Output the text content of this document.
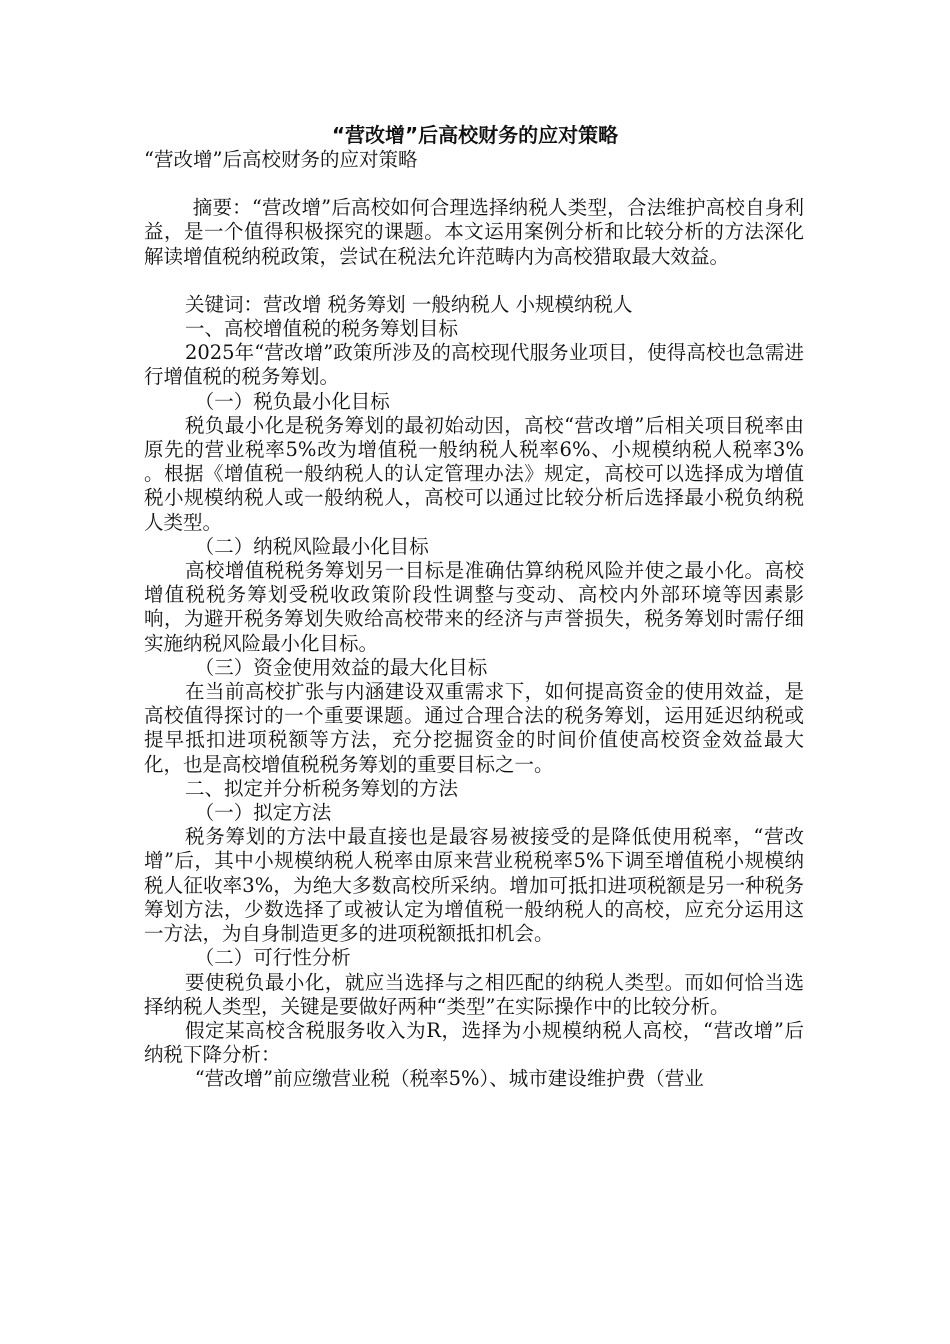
“营改增”后高校财务的应对策略

“营改增”后高校财务的应对策略

摘要：“营改增”后高校如何合理选择纳税人类型，合法维护高校自身利益，是一个值得积极探究的课题。本文运用案例分析和比较分析的方法深化解读增值税纳税政策，尝试在税法允许范畴内为高校猎取最大效益。

关键词：营改增 税务筹划 一般纳税人 小规模纳税人

一、高校增值税的税务筹划目标

2025年“营改增”政策所涉及的高校现代服务业项目，使得高校也急需进行增值税的税务筹划。

（一）税负最小化目标

税负最小化是税务筹划的最初始动因，高校“营改增”后相关项目税率由原先的营业税率5%改为增值税一般纳税人税率6%、小规模纳税人税率3% 。根据《增值税一般纳税人的认定管理办法》规定，高校可以选择成为增值税小规模纳税人或一般纳税人，高校可以通过比较分析后选择最小税负纳税人类型。

（二）纳税风险最小化目标

高校增值税税务筹划另一目标是准确估算纳税风险并使之最小化。高校增值税税务筹划受税收政策阶段性调整与变动、高校内外部环境等因素影响，为避开税务筹划失败给高校带来的经济与声誉损失，税务筹划时需仔细实施纳税风险最小化目标。

（三）资金使用效益的最大化目标

在当前高校扩张与内涵建设双重需求下，如何提高资金的使用效益，是高校值得探讨的一个重要课题。通过合理合法的税务筹划，运用延迟纳税或提早抵扣进项税额等方法，充分挖掘资金的时间价值使高校资金效益最大化，也是高校增值税税务筹划的重要目标之一。

二、拟定并分析税务筹划的方法

（一）拟定方法

税务筹划的方法中最直接也是最容易被接受的是降低使用税率，“营改增”后，其中小规模纳税人税率由原来营业税税率5%下调至增值税小规模纳税人征收率3%，为绝大多数高校所采纳。增加可抵扣进项税额是另一种税务筹划方法，少数选择了或被认定为增值税一般纳税人的高校，应充分运用这一方法，为自身制造更多的进项税额抵扣机会。

（二）可行性分析

要使税负最小化，就应当选择与之相匹配的纳税人类型。而如何恰当选择纳税人类型，关键是要做好两种“类型”在实际操作中的比较分析。

假定某高校含税服务收入为R，选择为小规模纳税人高校，“营改增”后纳税下降分析：

“营改增”前应缴营业税（税率5%）、城市建设维护费（营业
